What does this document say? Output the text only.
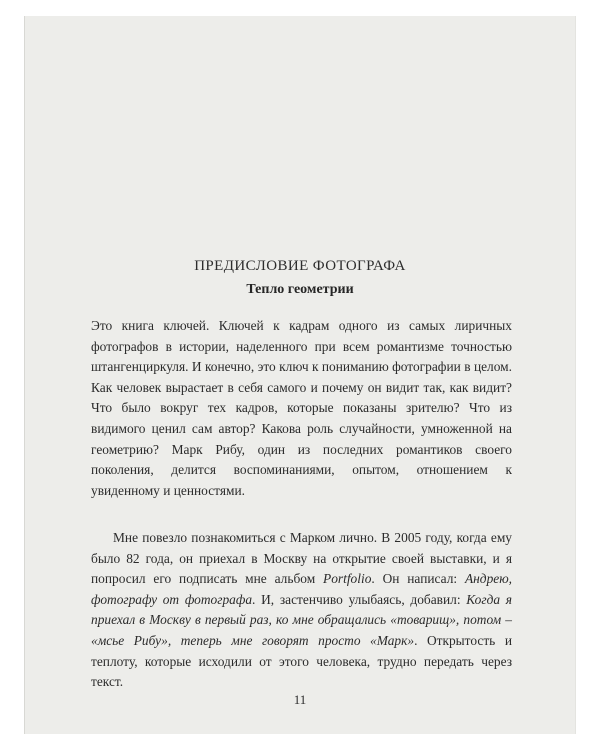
ПРЕДИСЛОВИЕ ФОТОГРАФА
Тепло геометрии

Это книга ключей. Ключей к кадрам одного из самых лиричных фотографов в истории, наделенного при всем романтизме точностью штангенциркуля. И конечно, это ключ к пониманию фотографии в целом. Как человек вырастает в себя самого и почему он видит так, как видит? Что было вокруг тех кадров, которые показаны зрителю? Что из видимого ценил сам автор? Какова роль случайности, умноженной на геометрию? Марк Рибу, один из последних романтиков своего поколения, делится воспоминаниями, опытом, отношением к увиденному и ценностями.

Мне повезло познакомиться с Марком лично. В 2005 году, когда ему было 82 года, он приехал в Москву на открытие своей выставки, и я попросил его подписать мне альбом Portfolio. Он написал: Андрею, фотографу от фотографа. И, застенчиво улыбаясь, добавил: Когда я приехал в Москву в первый раз, ко мне обращались «товарищ», потом – «мсье Рибу», теперь мне говорят просто «Марк». Открытость и теплоту, которые исходили от этого человека, трудно передать через текст.

11
